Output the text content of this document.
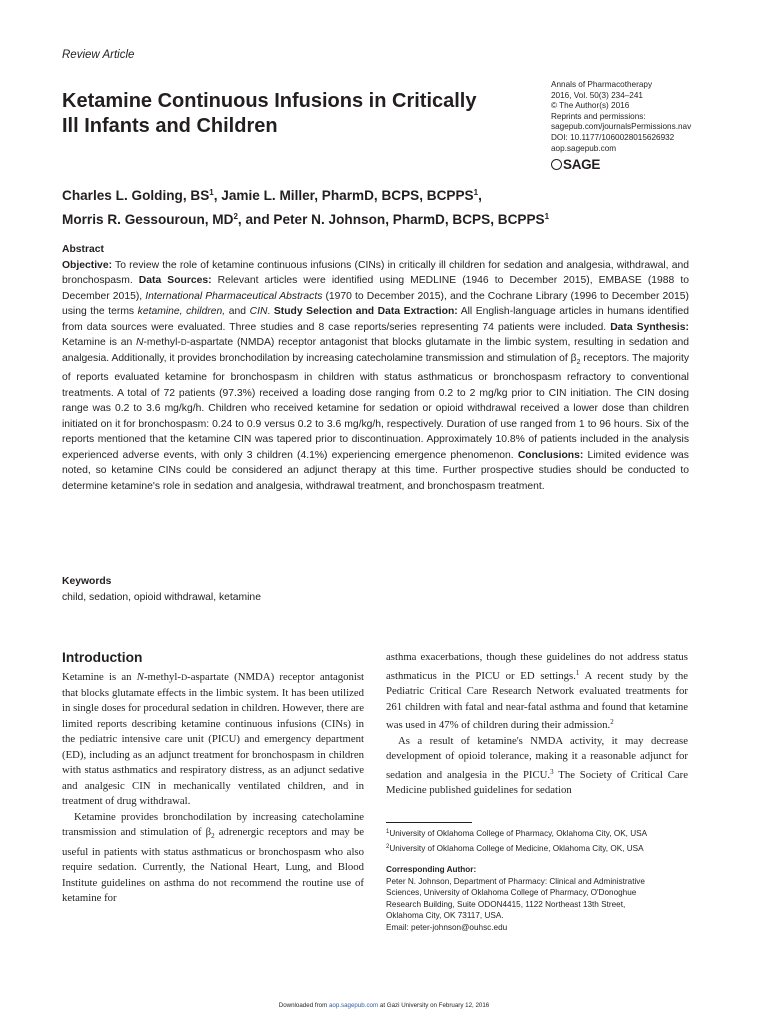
Review Article
Ketamine Continuous Infusions in Critically Ill Infants and Children
Annals of Pharmacotherapy
2016, Vol. 50(3) 234–241
© The Author(s) 2016
Reprints and permissions:
sagepub.com/journalsPermissions.nav
DOI: 10.1177/1060028015626932
aop.sagepub.com
SAGE
Charles L. Golding, $BS^1$, Jamie L. Miller, PharmD, BCPS, BCPPS$^1$,
Morris R. Gessouroun, $MD^2$, and Peter N. Johnson, PharmD, BCPS, BCPPS$^1$
Abstract

Objective: To review the role of ketamine continuous infusions (CINs) in critically ill children for sedation and analgesia, withdrawal, and bronchospasm. Data Sources: Relevant articles were identified using MEDLINE (1946 to December 2015), EMBASE (1988 to December 2015), International Pharmaceutical Abstracts (1970 to December 2015), and the Cochrane Library (1996 to December 2015) using the terms ketamine, children, and CIN. Study Selection and Data Extraction: All English-language articles in humans identified from data sources were evaluated. Three studies and 8 case reports/series representing 74 patients were included. Data Synthesis: Ketamine is an N-methyl-D-aspartate (NMDA) receptor antagonist that blocks glutamate in the limbic system, resulting in sedation and analgesia. Additionally, it provides bronchodilation by increasing catecholamine transmission and stimulation of $\beta_2$ receptors. The majority of reports evaluated ketamine for bronchospasm in children with status asthmaticus or bronchospasm refractory to conventional treatments. A total of 72 patients (97.3%) received a loading dose ranging from 0.2 to 2 mg/kg prior to CIN initiation. The CIN dosing range was 0.2 to 3.6 mg/kg/h. Children who received ketamine for sedation or opioid withdrawal received a lower dose than children initiated on it for bronchospasm: 0.24 to 0.9 versus 0.2 to 3.6 mg/kg/h, respectively. Duration of use ranged from 1 to 96 hours. Six of the reports mentioned that the ketamine CIN was tapered prior to discontinuation. Approximately 10.8% of patients included in the analysis experienced adverse events, with only 3 children (4.1%) experiencing emergence phenomenon. Conclusions: Limited evidence was noted, so ketamine CINs could be considered an adjunct therapy at this time. Further prospective studies should be conducted to determine ketamine's role in sedation and analgesia, withdrawal treatment, and bronchospasm treatment.

Keywords
child, sedation, opioid withdrawal, ketamine
Introduction

Ketamine is an N-methyl-D-aspartate (NMDA) receptor antagonist that blocks glutamate effects in the limbic system. It has been utilized in single doses for procedural sedation in children. However, there are limited reports describing ketamine continuous infusions (CINs) in the pediatric intensive care unit (PICU) and emergency department (ED), including as an adjunct treatment for bronchospasm in children with status asthmatics and respiratory distress, as an adjunct sedative and analgesic CIN in mechanically ventilated children, and in treatment of drug withdrawal.

Ketamine provides bronchodilation by increasing catecholamine transmission and stimulation of $\beta_2$ adrenergic receptors and may be useful in patients with status asthmaticus or bronchospasm who also require sedation. Currently, the National Heart, Lung, and Blood Institute guidelines on asthma do not recommend the routine use of ketamine for

asthma exacerbations, though these guidelines do not address status asthmaticus in the PICU or ED settings.$^1$ A recent study by the Pediatric Critical Care Research Network evaluated treatments for 261 children with fatal and near-fatal asthma and found that ketamine was used in 47% of children during their admission.$^2$

As a result of ketamine's NMDA activity, it may decrease development of opioid tolerance, making it a reasonable adjunct for sedation and analgesia in the PICU.$^3$ The Society of Critical Care Medicine published guidelines for sedation

$^1$University of Oklahoma College of Pharmacy, Oklahoma City, OK, USA
$^2$University of Oklahoma College of Medicine, Oklahoma City, OK, USA
Corresponding Author:
Peter N. Johnson, Department of Pharmacy: Clinical and Administrative
Sciences, University of Oklahoma College of Pharmacy, O'Donoghue
Research Building, Suite ODON4415, 1122 Northeast 13th Street,
Oklahoma City, OK 73117, USA.
Email: peter-johnson@ouhsc.edu
Downloaded from aop.sagepub.com at Gazi University on February 12, 2016
